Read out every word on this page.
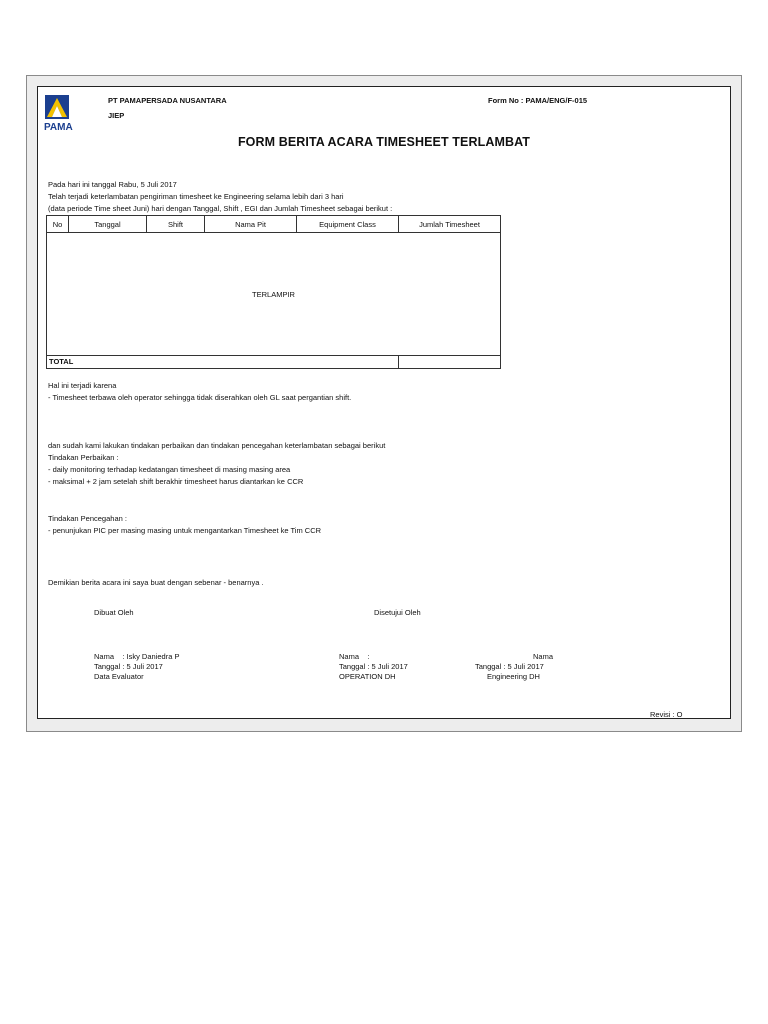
PAMA
PT PAMAPERSADA NUSANTARA
JIEP
Form No : PAMA/ENG/F-015
FORM BERITA ACARA TIMESHEET TERLAMBAT
Pada hari ini tanggal Rabu, 5 Juli 2017
Telah terjadi keterlambatan pengiriman timesheet ke Engineering selama lebih dari 3 hari
(data periode Time sheet Juni) hari dengan Tanggal, Shift , EGI dan Jumlah Timesheet sebagai berikut :
No	Tanggal	Shift	Nama Pit	Equipment Class	Jumlah Timesheet
TERLAMPIR					
TOTAL					
Hal ini terjadi karena
- Timesheet terbawa oleh operator sehingga tidak diserahkan oleh GL saat pergantian shift.
dan sudah kami lakukan tindakan perbaikan dan tindakan pencegahan keterlambatan sebagai berikut
Tindakan Perbaikan :
- daily monitoring terhadap kedatangan timesheet di masing masing area
- maksimal + 2 jam setelah shift berakhir timesheet harus diantarkan ke CCR
Tindakan Pencegahan :
- penunjukan PIC per masing masing untuk mengantarkan Timesheet ke Tim CCR
Demikian berita acara ini saya buat dengan sebenar - benarnya .
Dibuat Oleh	Disetujui Oleh
Nama    : Isky Daniedra P
Tanggal : 5 Juli 2017
Data Evaluator
Nama    :
Tanggal : 5 Juli 2017
OPERATION DH
Nama
Tanggal : 5 Juli 2017
Engineering DH
Revisi : O
